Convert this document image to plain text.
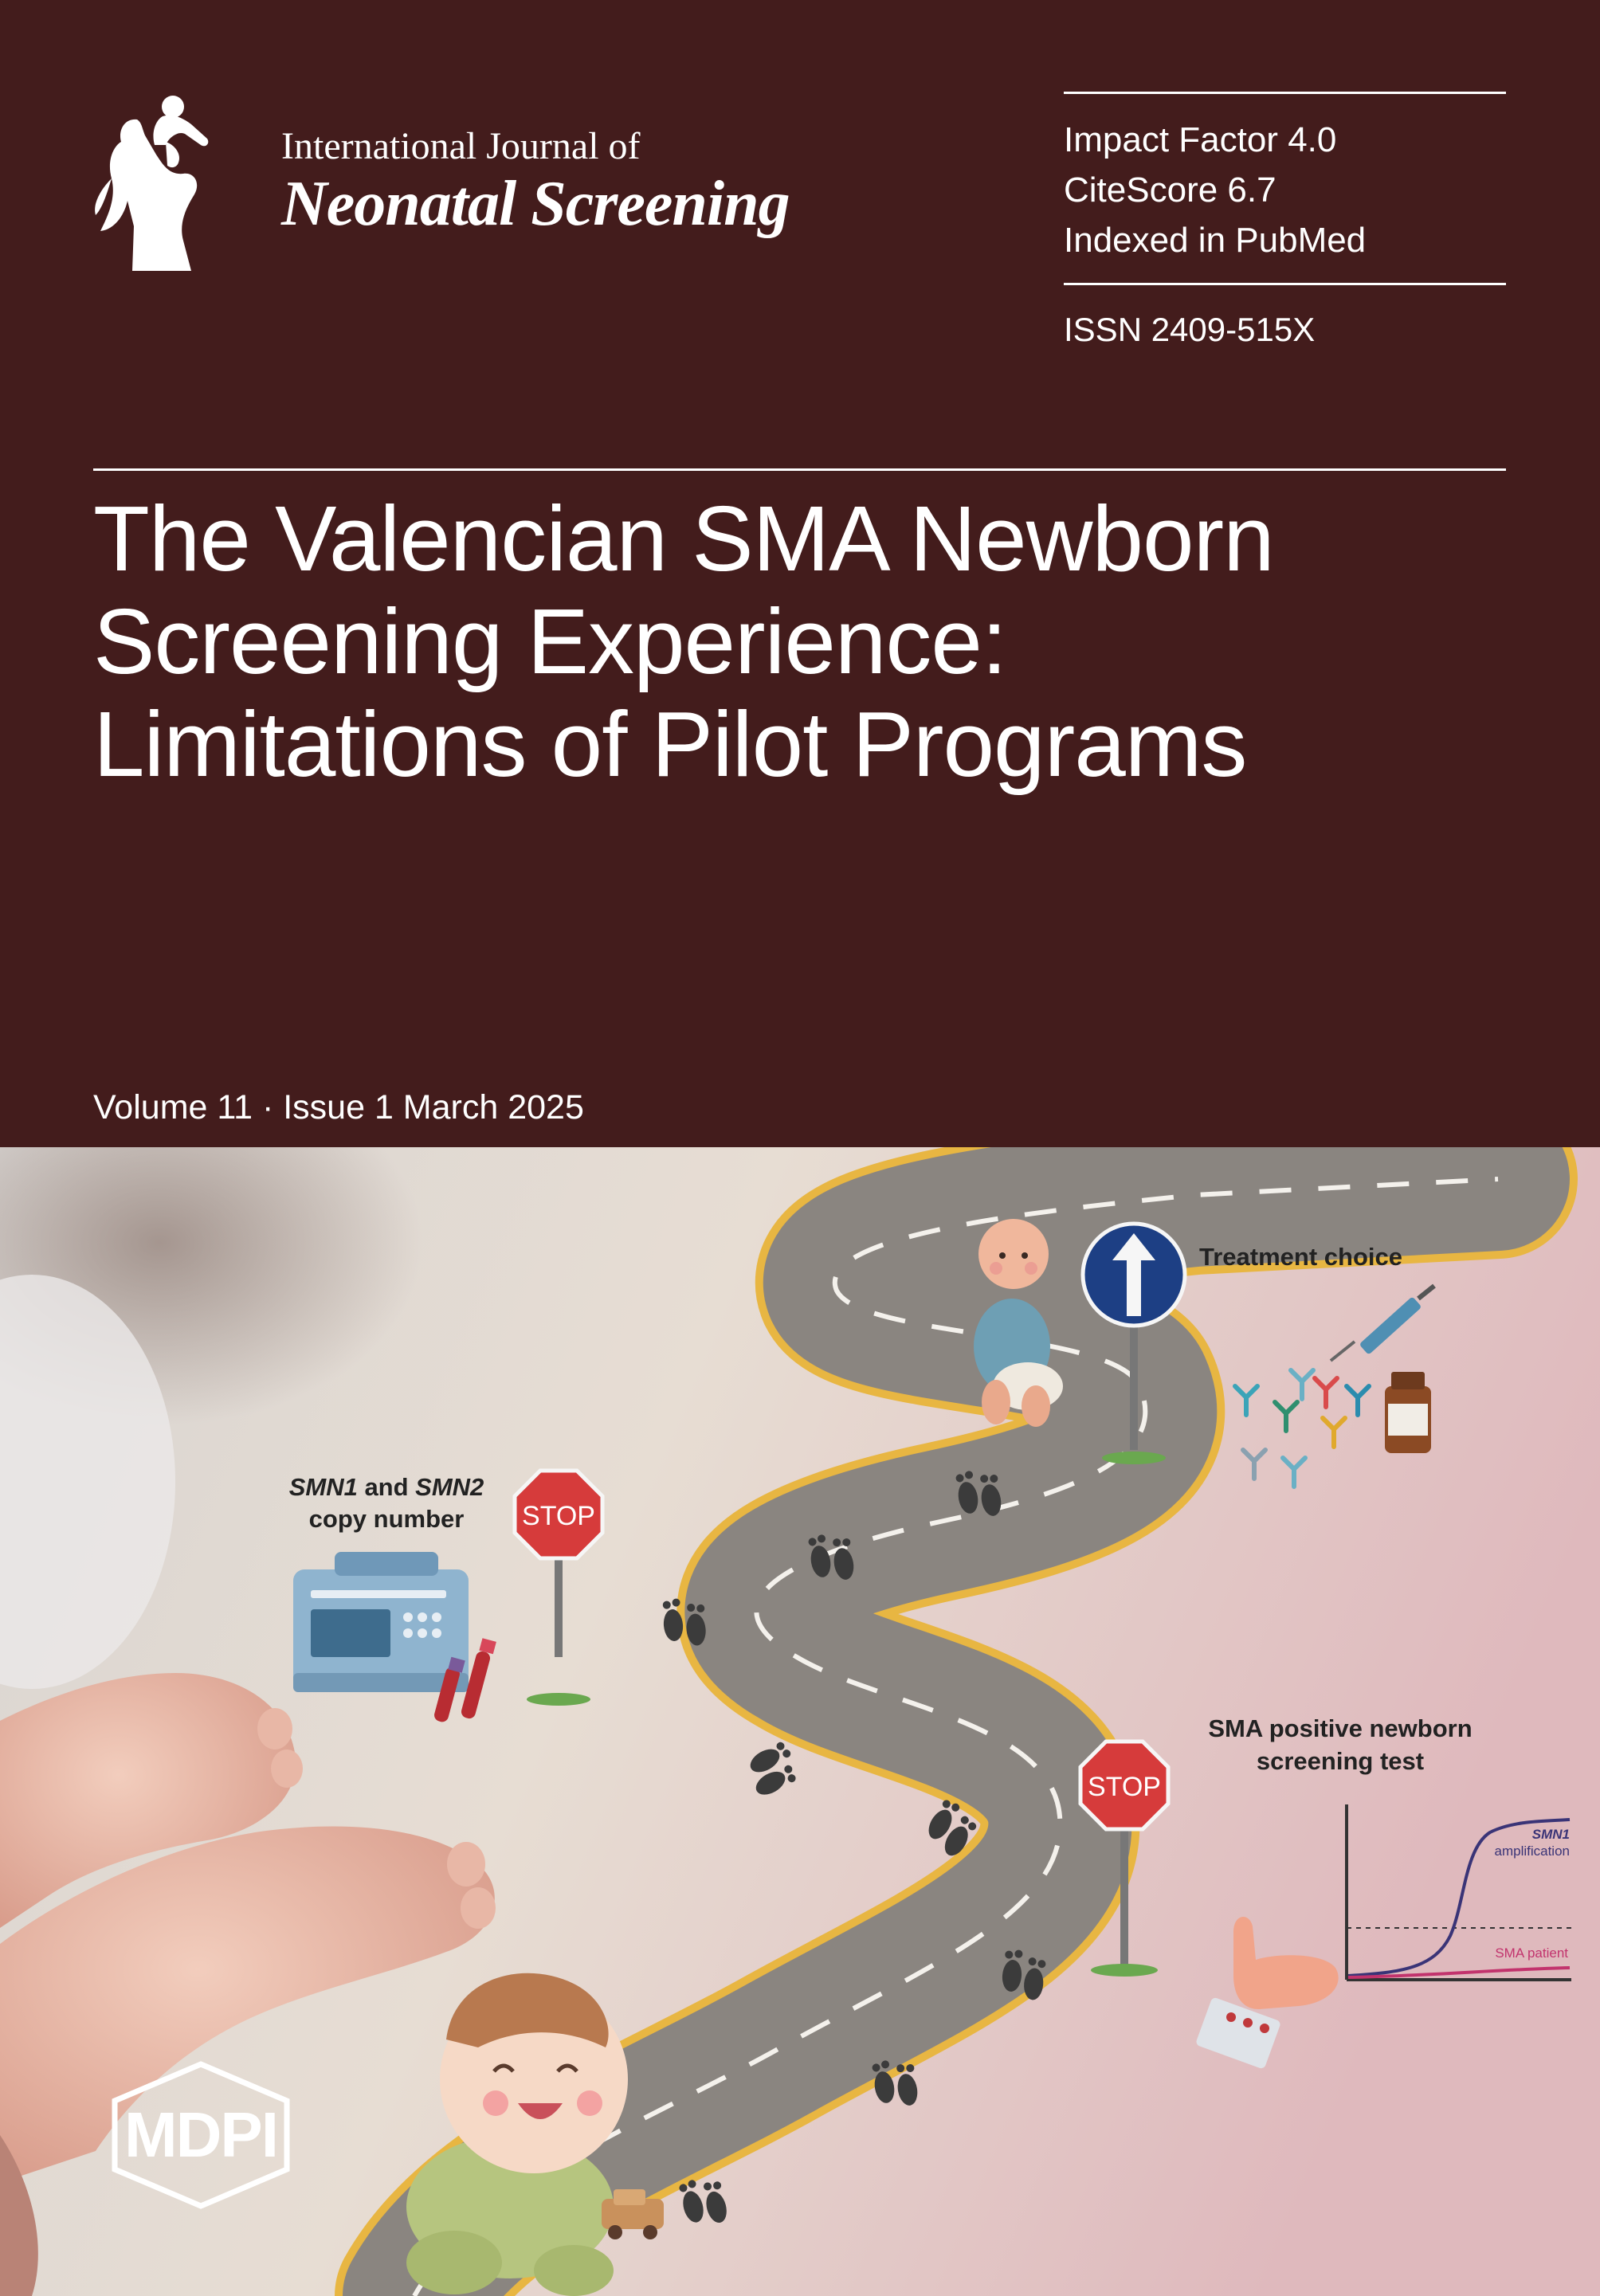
International Journal of
Neonatal Screening
Impact Factor 4.0
CiteScore 6.7
Indexed in PubMed
ISSN 2409-515X
The Valencian SMA Newborn
Screening Experience:
Limitations of Pilot Programs
Volume 11 · Issue 1 March 2025
STOP
STOP
Treatment choice
SMN1 and SMN2
copy number
SMA positive newborn
screening test
SMN1
amplification
SMA patient
MDPI
